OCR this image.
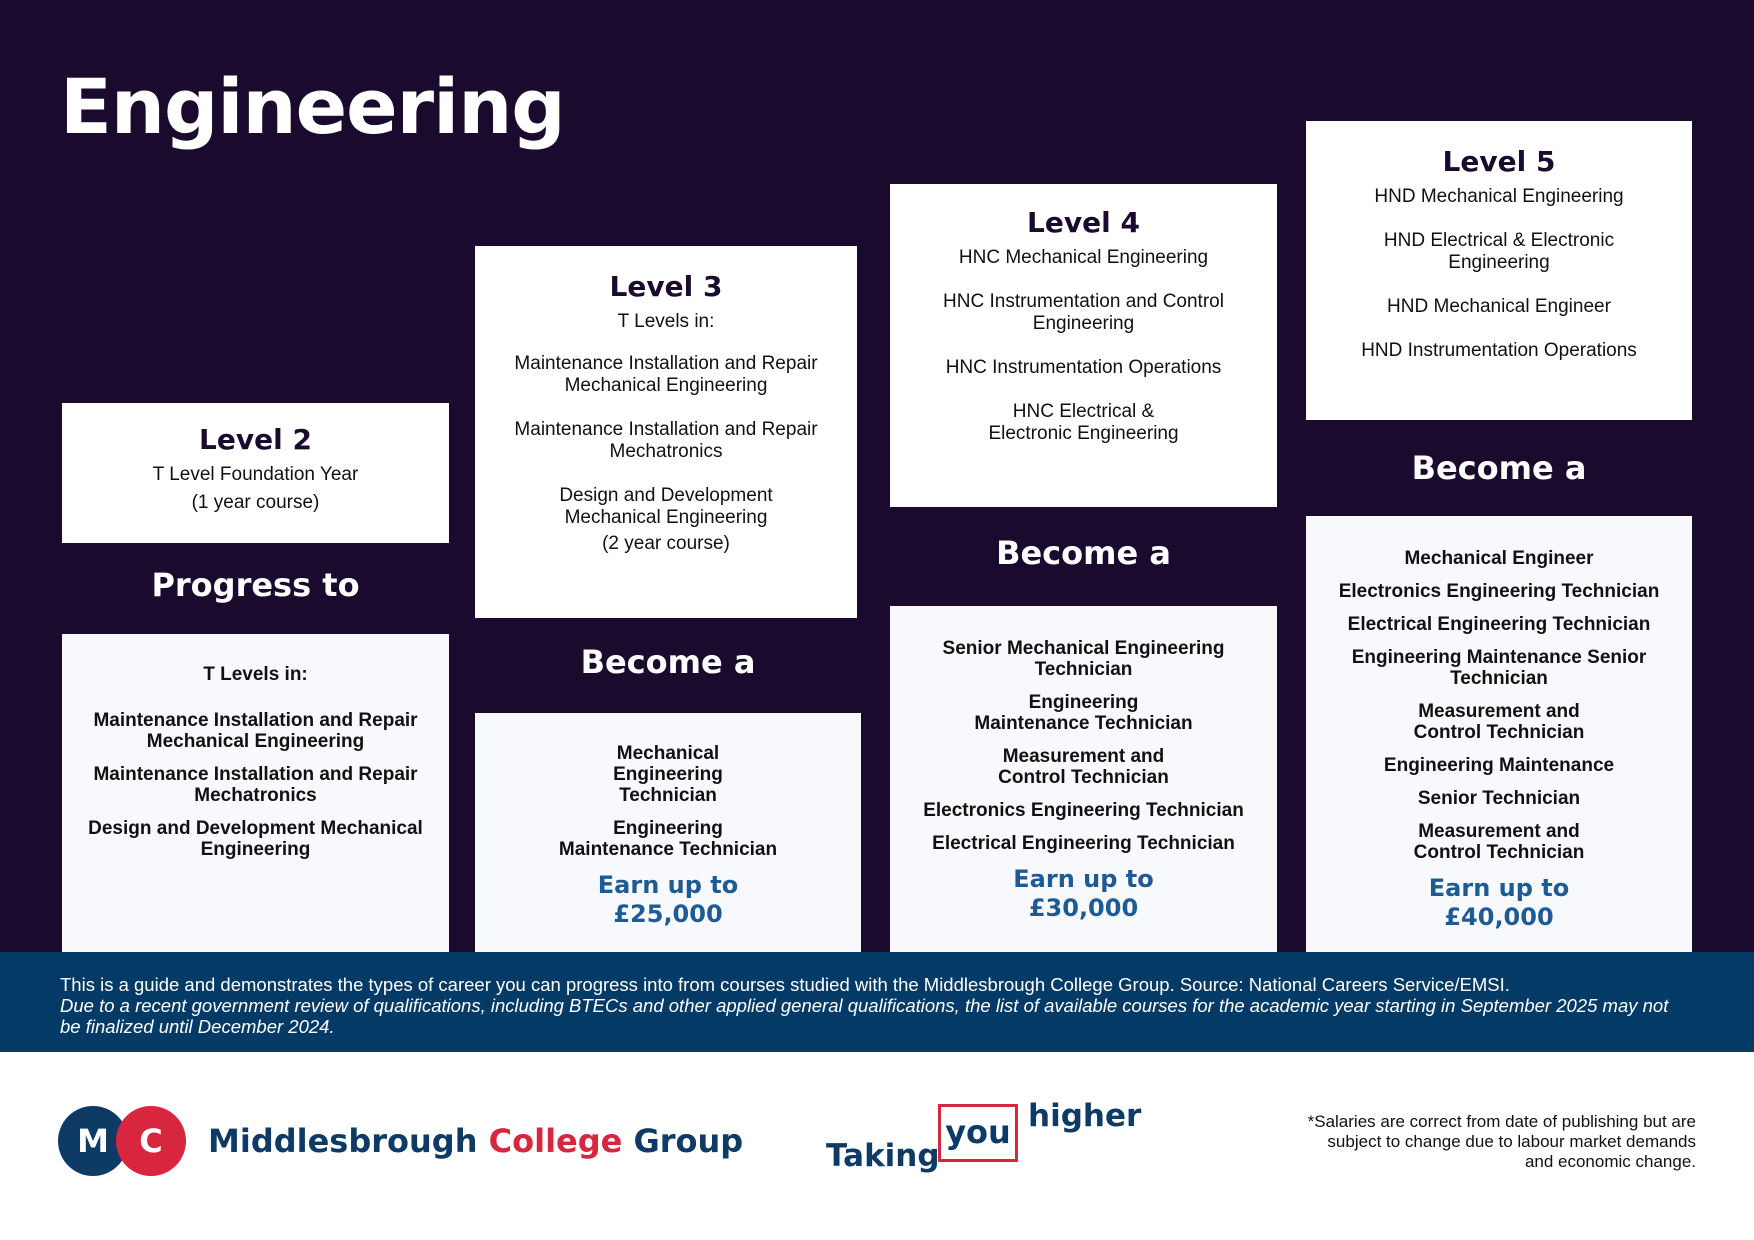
Engineering
Level 2
T Level Foundation Year
(1 year course)
Progress to
T Levels in:
Maintenance Installation and Repair Mechanical Engineering
Maintenance Installation and Repair Mechatronics
Design and Development Mechanical Engineering
Level 3
T Levels in:
Maintenance Installation and Repair Mechanical Engineering
Maintenance Installation and Repair Mechatronics
Design and Development Mechanical Engineering
(2 year course)
Become a
Mechanical Engineering Technician
Engineering Maintenance Technician
Earn up to
£25,000
Level 4
HNC Mechanical Engineering
HNC Instrumentation and Control Engineering
HNC Instrumentation Operations
HNC Electrical & Electronic Engineering
Become a
Senior Mechanical Engineering Technician
Engineering Maintenance Technician
Measurement and Control Technician
Electronics Engineering Technician
Electrical Engineering Technician
Earn up to
£30,000
Level 5
HND Mechanical Engineering
HND Electrical & Electronic Engineering
HND Mechanical Engineer
HND Instrumentation Operations
Become a
Mechanical Engineer
Electronics Engineering Technician
Electrical Engineering Technician
Engineering Maintenance Senior Technician
Measurement and Control Technician
Engineering Maintenance
Senior Technician
Measurement and Control Technician
Earn up to
£40,000
This is a guide and demonstrates the types of career you can progress into from courses studied with the Middlesbrough College Group. Source: National Careers Service/EMSI.
Due to a recent government review of qualifications, including BTECs and other applied general qualifications, the list of available courses for the academic year starting in September 2025 may not be finalized until December 2024.
M C	Middlesbrough College Group	Taking
you higher	*Salaries are correct from date of publishing but are subject to change due to labour market demands and economic change.
